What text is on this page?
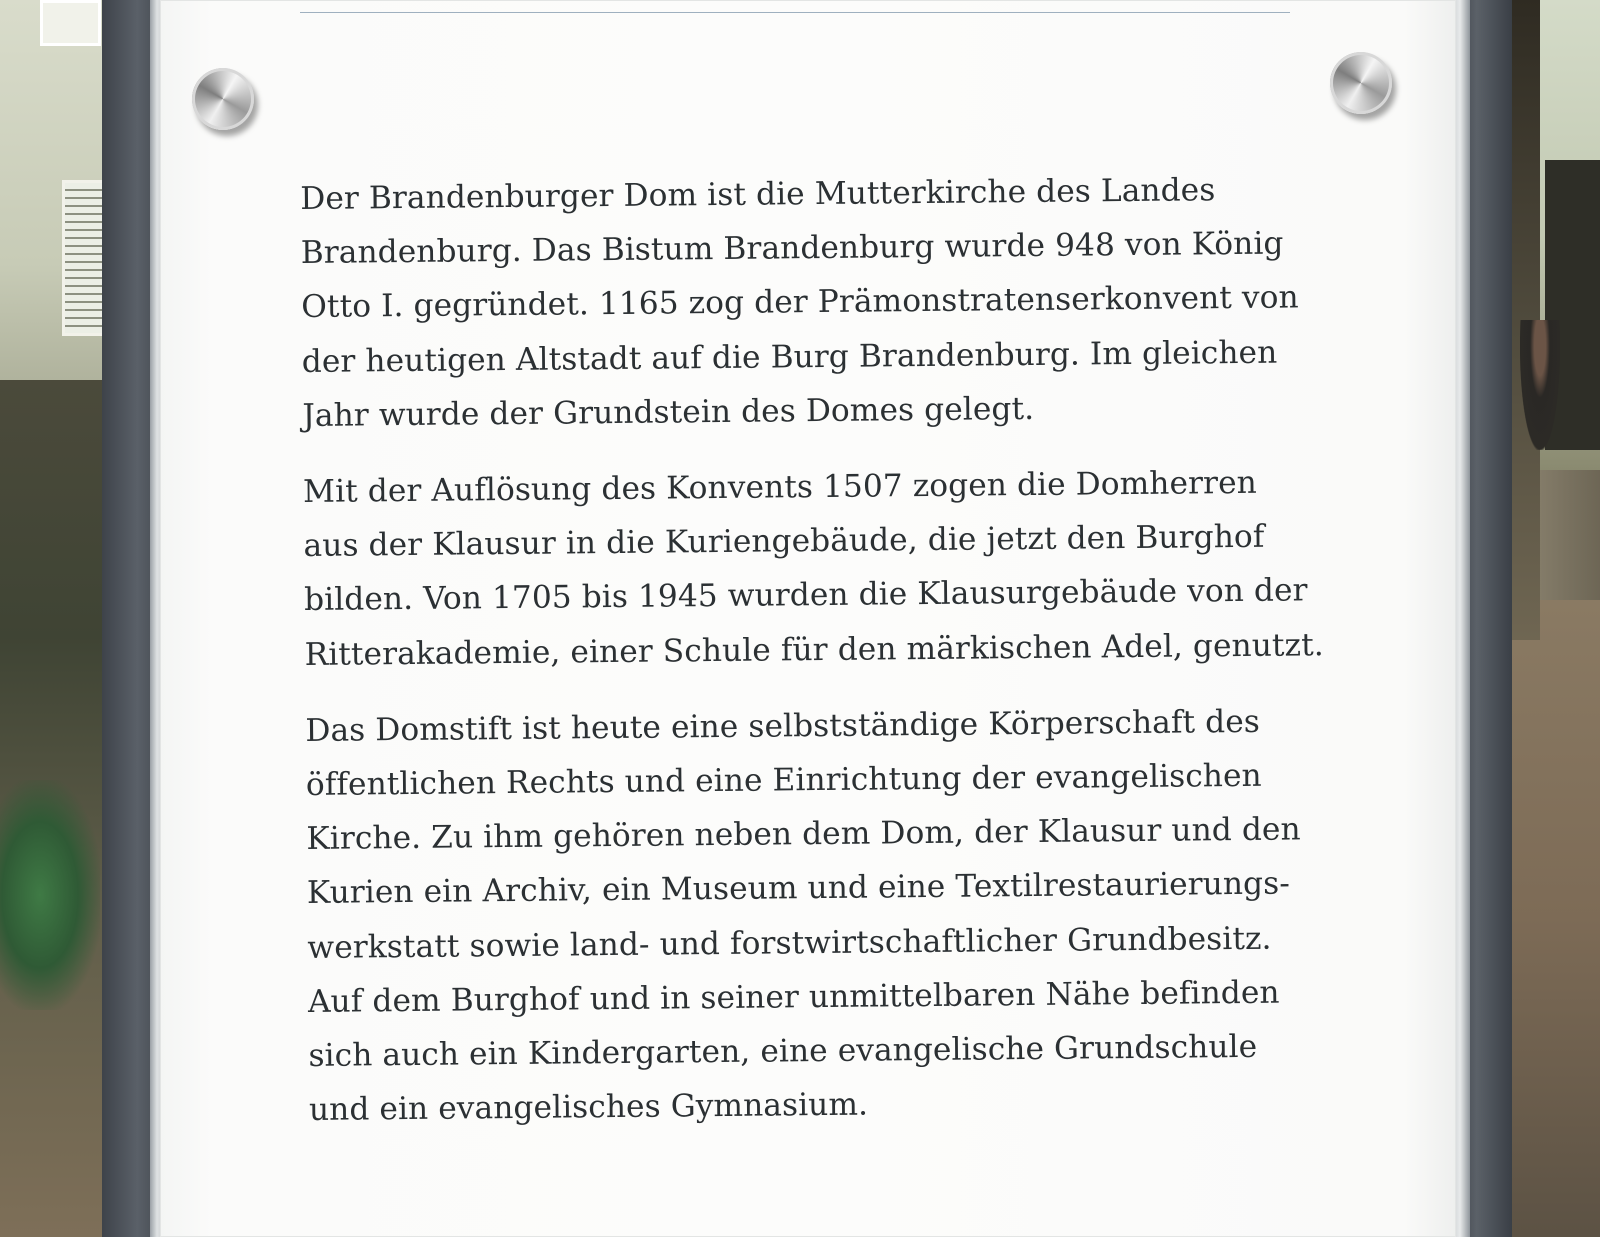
Der Brandenburger Dom ist die Mutterkirche des Landes
Brandenburg. Das Bistum Brandenburg wurde 948 von König
Otto I. gegründet. 1165 zog der Prämonstratenserkonvent von
der heutigen Altstadt auf die Burg Brandenburg. Im gleichen
Jahr wurde der Grundstein des Domes gelegt.

Mit der Auflösung des Konvents 1507 zogen die Domherren
aus der Klausur in die Kuriengebäude, die jetzt den Burghof
bilden. Von 1705 bis 1945 wurden die Klausurgebäude von der
Ritterakademie, einer Schule für den märkischen Adel, genutzt.

Das Domstift ist heute eine selbstständige Körperschaft des
öffentlichen Rechts und eine Einrichtung der evangelischen
Kirche. Zu ihm gehören neben dem Dom, der Klausur und den
Kurien ein Archiv, ein Museum und eine Textilrestaurierungs-
werkstatt sowie land- und forstwirtschaftlicher Grundbesitz.
Auf dem Burghof und in seiner unmittelbaren Nähe befinden
sich auch ein Kindergarten, eine evangelische Grundschule
und ein evangelisches Gymnasium.
